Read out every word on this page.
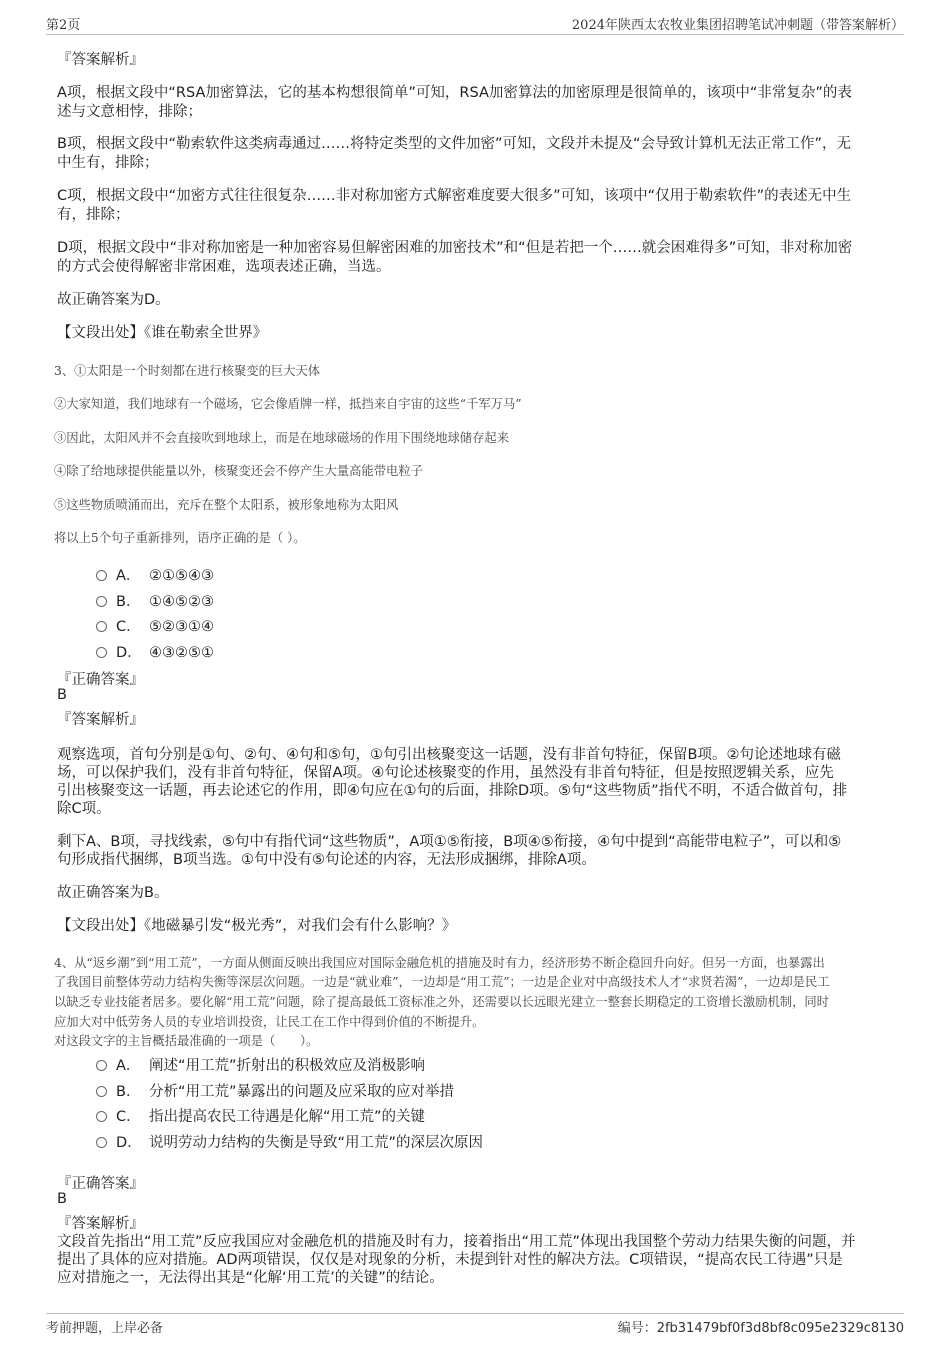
第2页	2024年陕西太农牧业集团招聘笔试冲刺题（带答案解析）
『答案解析』
A项，根据文段中“RSA加密算法，它的基本构想很简单”可知，RSA加密算法的加密原理是很简单的，该项中“非常复杂”的表
述与文意相悖，排除；
B项，根据文段中“勒索软件这类病毒通过……将特定类型的文件加密”可知，文段并未提及“会导致计算机无法正常工作”，无
中生有，排除；
C项，根据文段中“加密方式往往很复杂……非对称加密方式解密难度要大很多”可知，该项中“仅用于勒索软件”的表述无中生
有，排除；
D项，根据文段中“非对称加密是一种加密容易但解密困难的加密技术”和“但是若把一个……就会困难得多”可知，非对称加密
的方式会使得解密非常困难，选项表述正确，当选。
故正确答案为D。
【文段出处】《谁在勒索全世界》
3、①太阳是一个时刻都在进行核聚变的巨大天体
②大家知道，我们地球有一个磁场，它会像盾牌一样，抵挡来自宇宙的这些“千军万马”
③因此，太阳风并不会直接吹到地球上，而是在地球磁场的作用下围绕地球储存起来
④除了给地球提供能量以外，核聚变还会不停产生大量高能带电粒子
⑤这些物质喷涌而出，充斥在整个太阳系，被形象地称为太阳风
将以上5个句子重新排列，语序正确的是（ ）。
A． ②①⑤④③
B． ①④⑤②③
C． ⑤②③①④
D． ④③②⑤①
『正确答案』
B
『答案解析』
观察选项，首句分别是①句、②句、④句和⑤句，①句引出核聚变这一话题，没有非首句特征，保留B项。②句论述地球有磁
场，可以保护我们，没有非首句特征，保留A项。④句论述核聚变的作用，虽然没有非首句特征，但是按照逻辑关系，应先
引出核聚变这一话题，再去论述它的作用，即④句应在①句的后面，排除D项。⑤句“这些物质”指代不明，不适合做首句，排
除C项。
剩下A、B项，寻找线索，⑤句中有指代词“这些物质”，A项①⑤衔接，B项④⑤衔接，④句中提到“高能带电粒子”，可以和⑤
句形成指代捆绑，B项当选。①句中没有⑤句论述的内容，无法形成捆绑，排除A项。
故正确答案为B。
【文段出处】《地磁暴引发“极光秀”，对我们会有什么影响？》
4、从“返乡潮”到“用工荒”，一方面从侧面反映出我国应对国际金融危机的措施及时有力，经济形势不断企稳回升向好。但另一方面，也暴露出
了我国目前整体劳动力结构失衡等深层次问题。一边是“就业难”，一边却是“用工荒”；一边是企业对中高级技术人才“求贤若渴”，一边却是民工
以缺乏专业技能者居多。要化解“用工荒”问题，除了提高最低工资标准之外，还需要以长远眼光建立一整套长期稳定的工资增长激励机制，同时
应加大对中低劳务人员的专业培训投资，让民工在工作中得到价值的不断提升。
对这段文字的主旨概括最准确的一项是（　　）。
A． 阐述“用工荒”折射出的积极效应及消极影响
B． 分析“用工荒”暴露出的问题及应采取的应对举措
C． 指出提高农民工待遇是化解“用工荒”的关键
D． 说明劳动力结构的失衡是导致“用工荒”的深层次原因
『正确答案』
B
『答案解析』
文段首先指出“用工荒”反应我国应对金融危机的措施及时有力，接着指出“用工荒”体现出我国整个劳动力结果失衡的问题，并
提出了具体的应对措施。AD两项错误，仅仅是对现象的分析，未提到针对性的解决方法。C项错误，“提高农民工待遇”只是
应对措施之一，无法得出其是“化解‘用工荒’的关键”的结论。
考前押题，上岸必备	编号：2fb31479bf0f3d8bf8c095e2329c8130
